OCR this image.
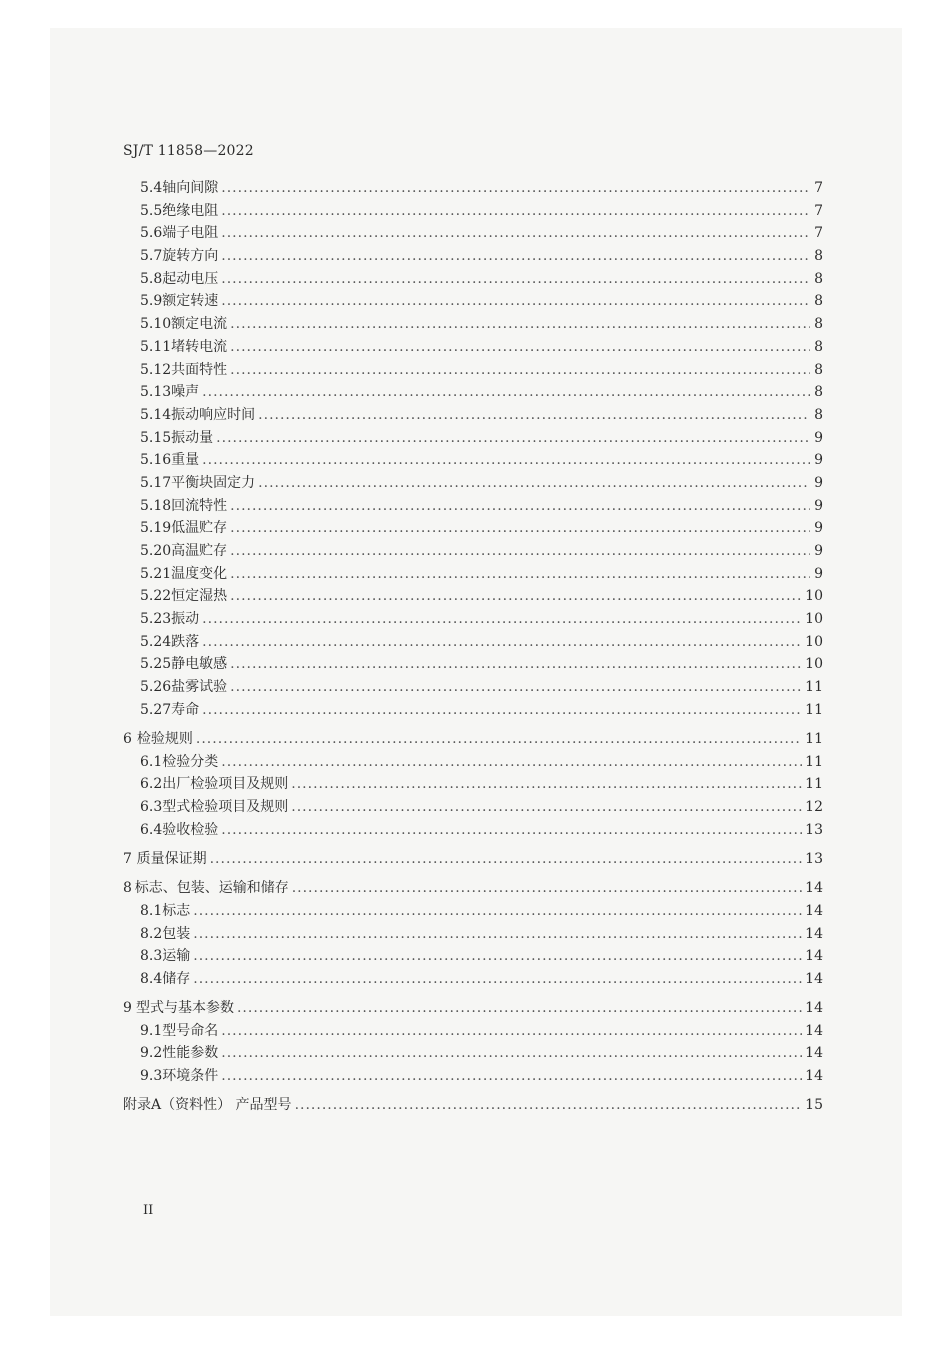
SJ/T 11858—2022
5.4 轴向间隙 .....	7
5.5 绝缘电阻 .....	7
5.6 端子电阻 .....	7
5.7 旋转方向 .....	8
5.8 起动电压 .....	8
5.9 额定转速 .....	8
5.10 额定电流 .....	8
5.11 堵转电流 .....	8
5.12 共面特性 .....	8
5.13 噪声 .....	8
5.14 振动响应时间 .....	8
5.15 振动量 .....	9
5.16 重量 .....	9
5.17 平衡块固定力 .....	9
5.18 回流特性 .....	9
5.19 低温贮存 .....	9
5.20 高温贮存 .....	9
5.21 温度变化 .....	9
5.22 恒定湿热 .....	10
5.23 振动 .....	10
5.24 跌落 .....	10
5.25 静电敏感 .....	10
5.26 盐雾试验 .....	11
5.27 寿命 .....	11
6 检验规则 .....	11
6.1 检验分类 .....	11
6.2 出厂检验项目及规则 .....	11
6.3 型式检验项目及规则 .....	12
6.4 验收检验 .....	13
7 质量保证期 .....	13
8 标志、包装、运输和储存 .....	14
8.1 标志 .....	14
8.2 包装 .....	14
8.3 运输 .....	14
8.4 储存 .....	14
9 型式与基本参数 .....	14
9.1 型号命名 .....	14
9.2 性能参数 .....	14
9.3 环境条件 .....	14
附录A（资料性） 产品型号 .....	15
II
